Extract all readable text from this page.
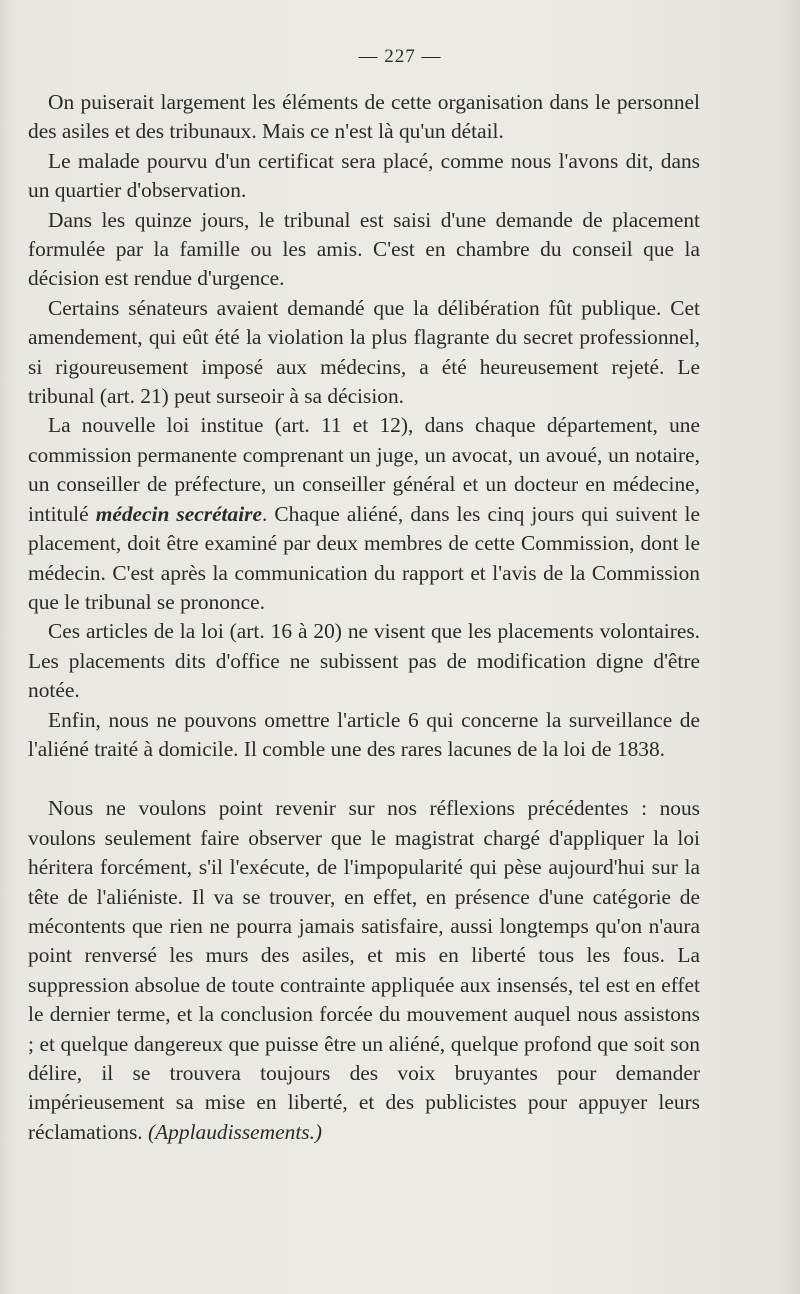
— 227 —

On puiserait largement les éléments de cette organisation dans le personnel des asiles et des tribunaux. Mais ce n'est là qu'un détail.

Le malade pourvu d'un certificat sera placé, comme nous l'avons dit, dans un quartier d'observation.

Dans les quinze jours, le tribunal est saisi d'une demande de placement formulée par la famille ou les amis. C'est en chambre du conseil que la décision est rendue d'urgence.

Certains sénateurs avaient demandé que la délibération fût publique. Cet amendement, qui eût été la violation la plus flagrante du secret professionnel, si rigoureusement imposé aux médecins, a été heureusement rejeté. Le tribunal (art. 21) peut surseoir à sa décision.

La nouvelle loi institue (art. 11 et 12), dans chaque département, une commission permanente comprenant un juge, un avocat, un avoué, un notaire, un conseiller de préfecture, un conseiller général et un docteur en médecine, intitulé médecin secrétaire. Chaque aliéné, dans les cinq jours qui suivent le placement, doit être examiné par deux membres de cette Commission, dont le médecin. C'est après la communication du rapport et l'avis de la Commission que le tribunal se prononce.

Ces articles de la loi (art. 16 à 20) ne visent que les placements volontaires. Les placements dits d'office ne subissent pas de modification digne d'être notée.

Enfin, nous ne pouvons omettre l'article 6 qui concerne la surveillance de l'aliéné traité à domicile. Il comble une des rares lacunes de la loi de 1838.

Nous ne voulons point revenir sur nos réflexions précédentes : nous voulons seulement faire observer que le magistrat chargé d'appliquer la loi héritera forcément, s'il l'exécute, de l'impopularité qui pèse aujourd'hui sur la tête de l'aliéniste. Il va se trouver, en effet, en présence d'une catégorie de mécontents que rien ne pourra jamais satisfaire, aussi longtemps qu'on n'aura point renversé les murs des asiles, et mis en liberté tous les fous. La suppression absolue de toute contrainte appliquée aux insensés, tel est en effet le dernier terme, et la conclusion forcée du mouvement auquel nous assistons ; et quelque dangereux que puisse être un aliéné, quelque profond que soit son délire, il se trouvera toujours des voix bruyantes pour demander impérieusement sa mise en liberté, et des publicistes pour appuyer leurs réclamations. (Applaudissements.)
